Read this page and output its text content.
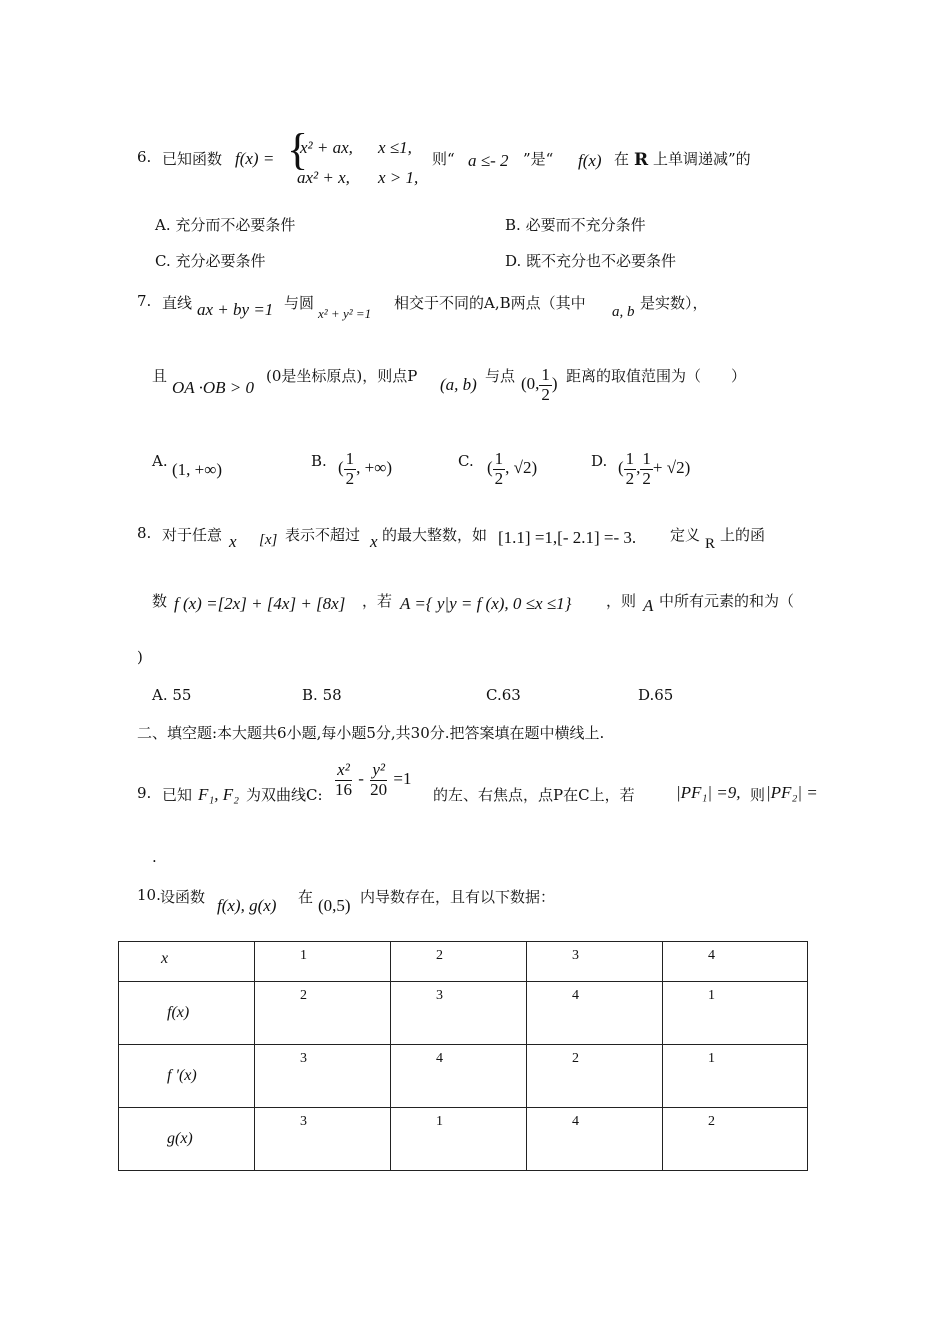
6. 已知函数 f(x) = {
x² + ax, x ≤1,
ax² + x, x > 1,
则“ a ≤- 2 ”是“ f(x) 在 R 上单调递减”的
A. 充分而不必要条件	B. 必要而不充分条件
C. 充分必要条件	D. 既不充分也不必要条件
7. 直线 ax + by =1 与圆
x² + y² =1
相交于不同的A,B两点（其中 a, b 是实数），
且
OA ·OB > 0
(0是坐标原点)，则点P (a, b) 与点 (0, $\frac{1}{2}$ ) 距离的取值范围为（　　）
A. (1, +∞)	B. ( $\frac{1}{2}$ , +∞)	C. ( $\frac{1}{2}$ , √2)	D. ( $\frac{1}{2}$ , $\frac{1}{2} + √2$)
8. 对于任意 x [x] 表示不超过 x 的最大整数，如 [1.1] =1,[- 2.1] =- 3. 定义 R 上的函
数 f (x) =[2x] + [4x] + [8x] ，若 A ={ y|y = f (x), 0 ≤x ≤1} ，则 A 中所有元素的和为（
)
A. 55	B. 58	C.63	D.65
二、填空题:本大题共6小题,每小题5分,共30分.把答案填在题中横线上.
9. 已知 F₁, F₂ 为双曲线C: $\frac{\text{x²}}{16} - \frac{\text{y²}}{20} =1$
的左、右焦点，点P在C上，若 |PF₁| =9, 则 |PF₂| =
.
10. 设函数 f(x), g(x) 在 (0,5) 内导数存在，且有以下数据：
x	1	2	3	4
f(x)	2	3	4	1
f ′(x)	3	4	2	1
g(x)	3	1	4	2
